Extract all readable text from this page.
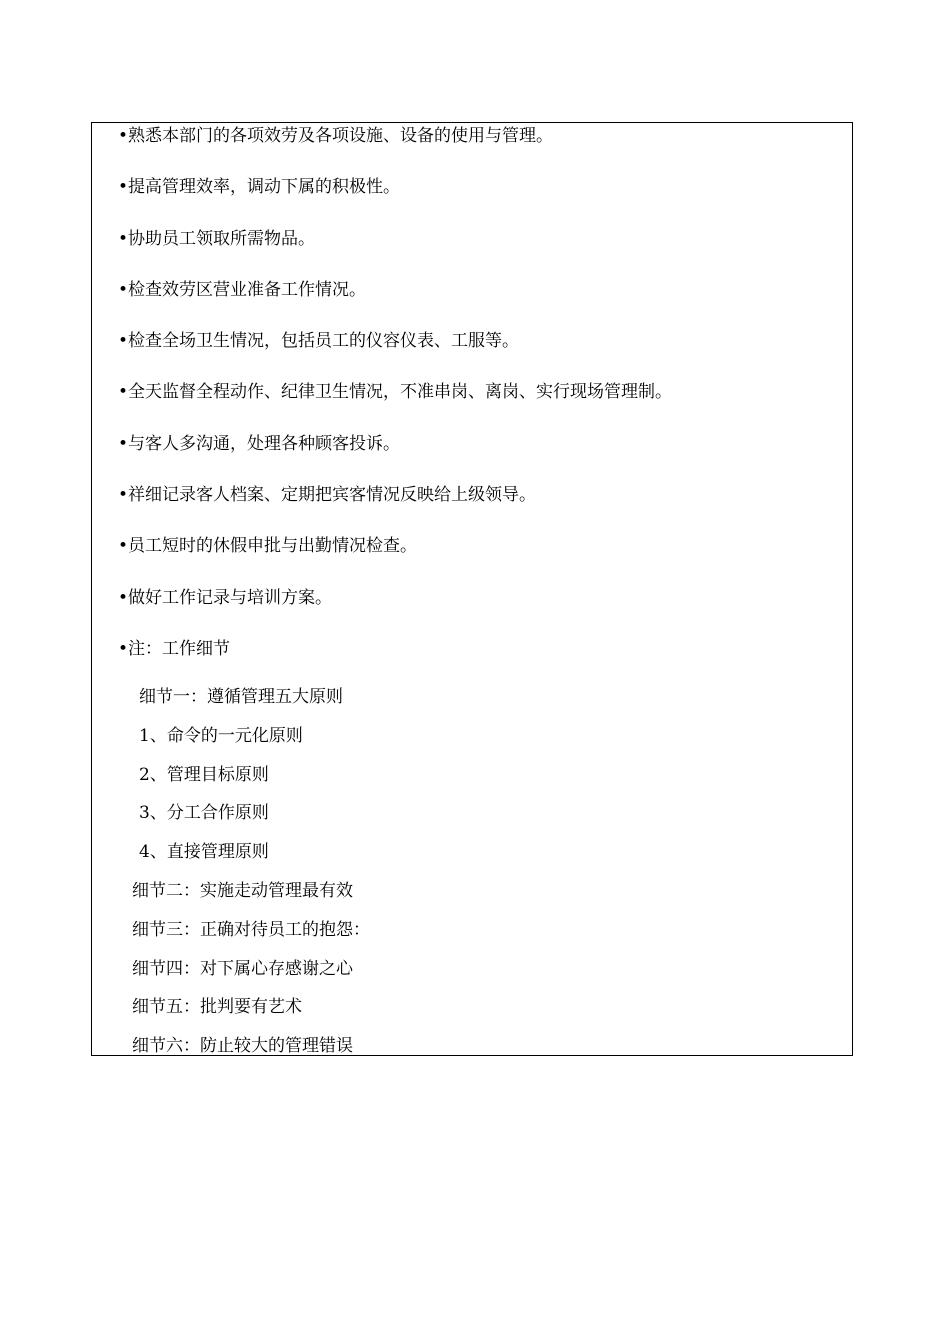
•熟悉本部门的各项效劳及各项设施、设备的使用与管理。
•提高管理效率，调动下属的积极性。
•协助员工领取所需物品。
•检查效劳区营业准备工作情况。
•检查全场卫生情况，包括员工的仪容仪表、工服等。
•全天监督全程动作、纪律卫生情况，不准串岗、离岗、实行现场管理制。
•与客人多沟通，处理各种顾客投诉。
•祥细记录客人档案、定期把宾客情况反映给上级领导。
•员工短时的休假申批与出勤情况检查。
•做好工作记录与培训方案。
•注：工作细节
细节一：遵循管理五大原则
1、命令的一元化原则
2、管理目标原则
3、分工合作原则
4、直接管理原则
细节二：实施走动管理最有效
细节三：正确对待员工的抱怨：
细节四：对下属心存感谢之心
细节五：批判要有艺术
细节六：防止较大的管理错误
